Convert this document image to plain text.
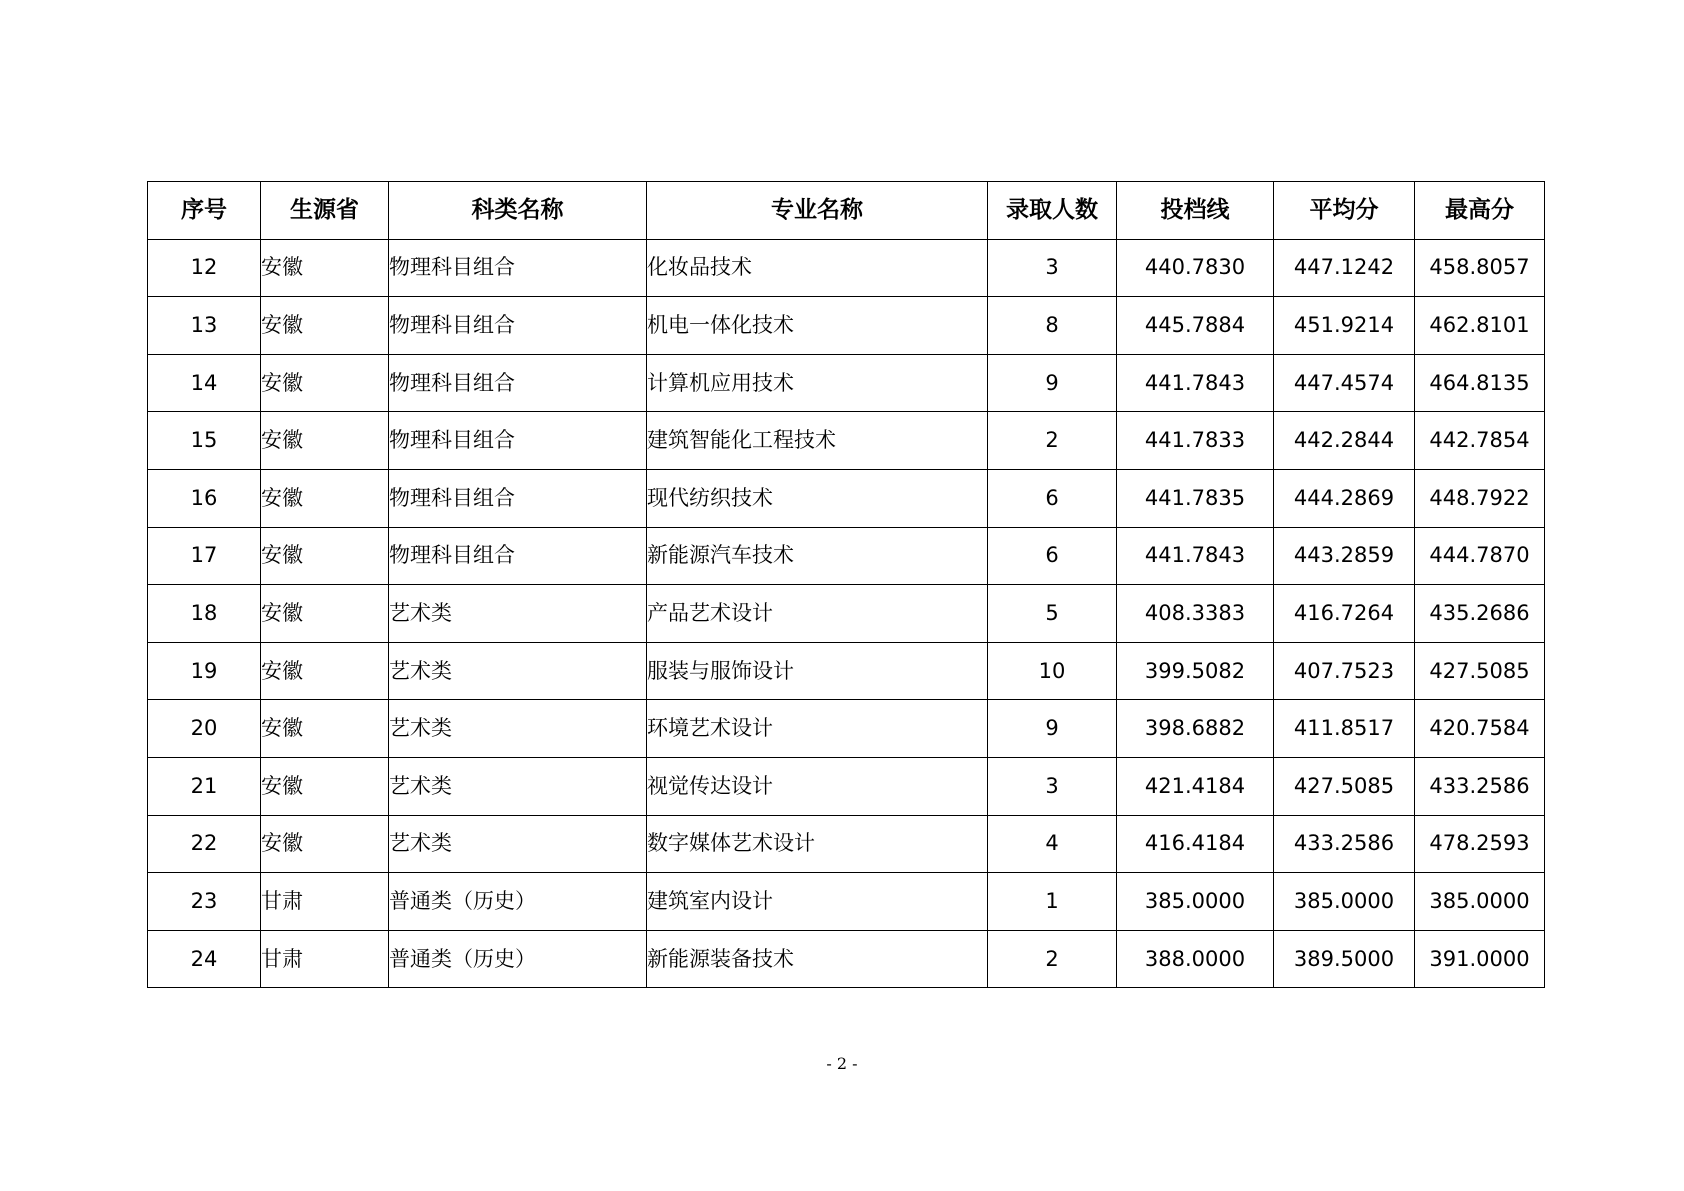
序号	生源省	科类名称	专业名称	录取人数	投档线	平均分	最高分
12	安徽	物理科目组合	化妆品技术	3	440.7830	447.1242	458.8057
13	安徽	物理科目组合	机电一体化技术	8	445.7884	451.9214	462.8101
14	安徽	物理科目组合	计算机应用技术	9	441.7843	447.4574	464.8135
15	安徽	物理科目组合	建筑智能化工程技术	2	441.7833	442.2844	442.7854
16	安徽	物理科目组合	现代纺织技术	6	441.7835	444.2869	448.7922
17	安徽	物理科目组合	新能源汽车技术	6	441.7843	443.2859	444.7870
18	安徽	艺术类	产品艺术设计	5	408.3383	416.7264	435.2686
19	安徽	艺术类	服装与服饰设计	10	399.5082	407.7523	427.5085
20	安徽	艺术类	环境艺术设计	9	398.6882	411.8517	420.7584
21	安徽	艺术类	视觉传达设计	3	421.4184	427.5085	433.2586
22	安徽	艺术类	数字媒体艺术设计	4	416.4184	433.2586	478.2593
23	甘肃	普通类（历史）	建筑室内设计	1	385.0000	385.0000	385.0000
24	甘肃	普通类（历史）	新能源装备技术	2	388.0000	389.5000	391.0000
- 2 -
